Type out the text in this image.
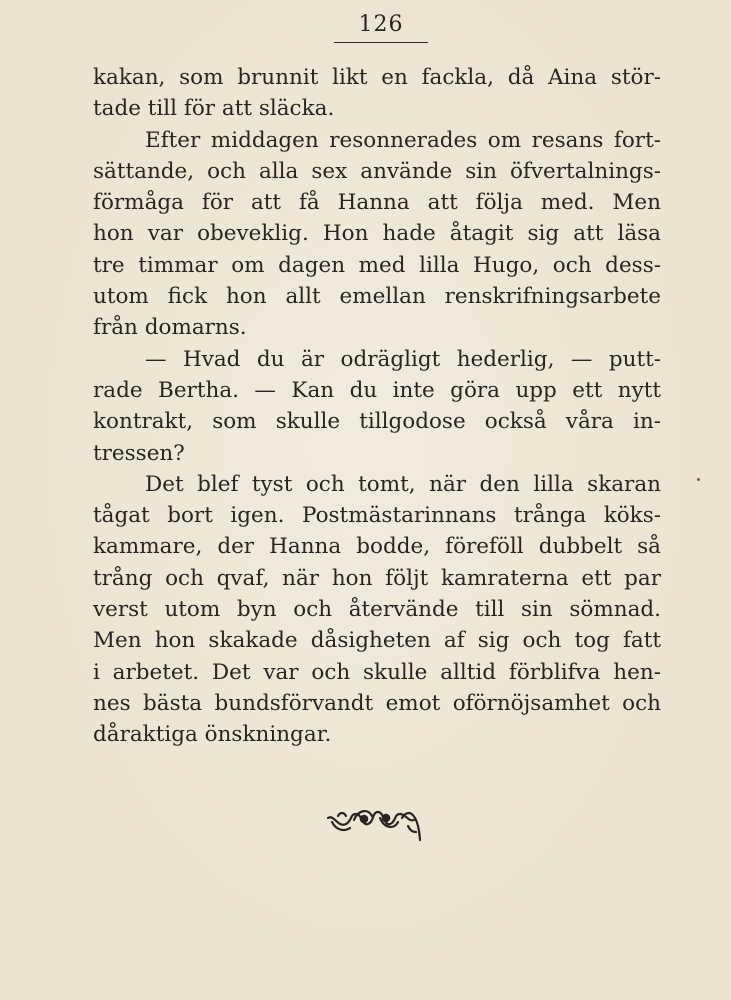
126
kakan, som brunnit likt en fackla, då Aina stör-
tade till för att släcka.
Efter middagen resonnerades om resans fort-
sättande, och alla sex använde sin öfvertalnings-
förmåga för att få Hanna att följa med. Men
hon var obeveklig. Hon hade åtagit sig att läsa
tre timmar om dagen med lilla Hugo, och dess-
utom fick hon allt emellan renskrifningsarbete
från domarns.
— Hvad du är odrägligt hederlig, — putt-
rade Bertha. — Kan du inte göra upp ett nytt
kontrakt, som skulle tillgodose också våra in-
tressen?
Det blef tyst och tomt, när den lilla skaran
tågat bort igen. Postmästarinnans trånga köks-
kammare, der Hanna bodde, föreföll dubbelt så
trång och qvaf, när hon följt kamraterna ett par
verst utom byn och återvände till sin sömnad.
Men hon skakade dåsigheten af sig och tog fatt
i arbetet. Det var och skulle alltid förblifva hen-
nes bästa bundsförvandt emot oförnöjsamhet och
dåraktiga önskningar.
